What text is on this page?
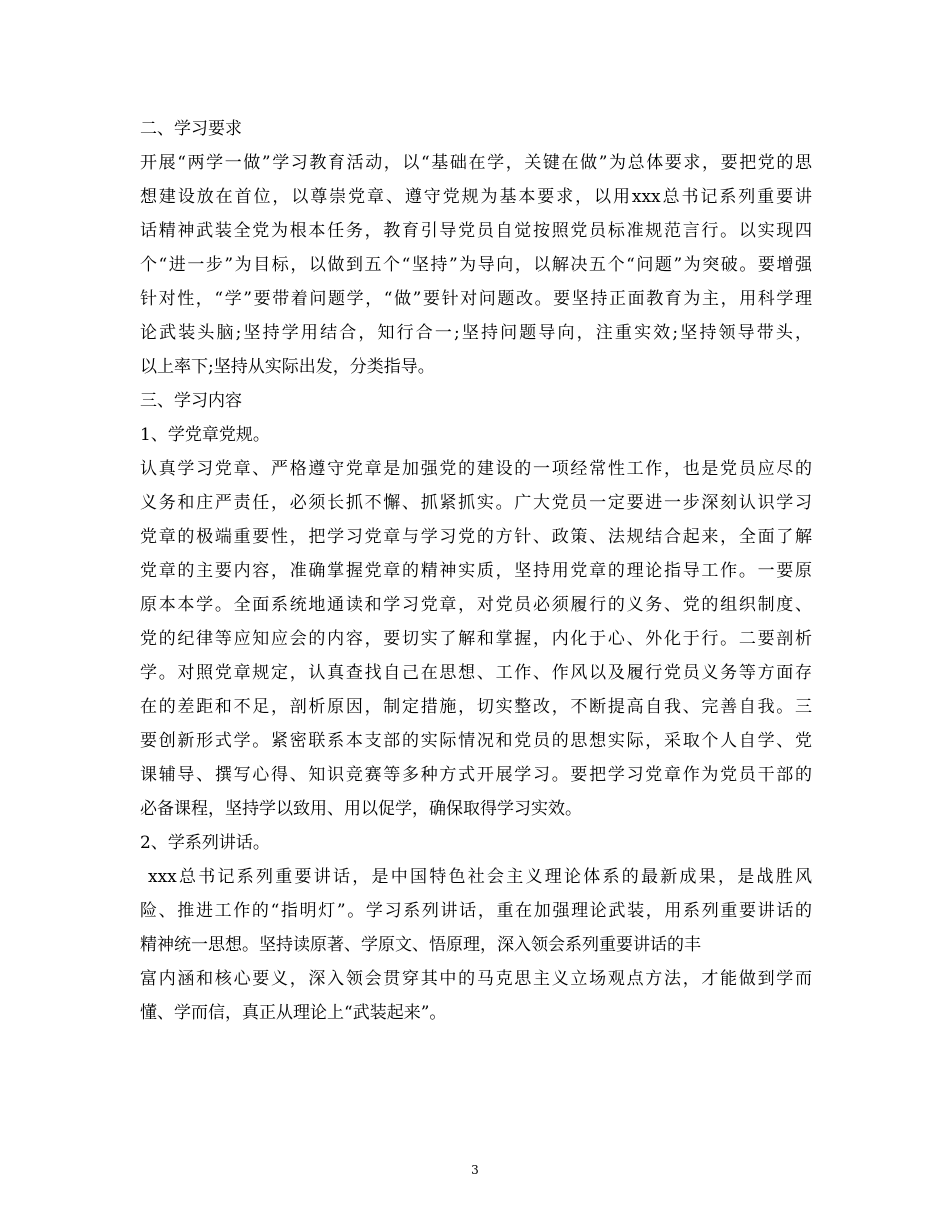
二、学习要求
开展“两学一做”学习教育活动，以“基础在学，关键在做”为总体要求，要把党的思
想建设放在首位，以尊崇党章、遵守党规为基本要求，以用xxx总书记系列重要讲
话精神武装全党为根本任务，教育引导党员自觉按照党员标准规范言行。以实现四
个“进一步”为目标，以做到五个“坚持”为导向，以解决五个“问题”为突破。要增强
针对性，“学”要带着问题学，“做”要针对问题改。要坚持正面教育为主，用科学理
论武装头脑;坚持学用结合，知行合一;坚持问题导向，注重实效;坚持领导带头，
以上率下;坚持从实际出发，分类指导。
三、学习内容
1、学党章党规。
认真学习党章、严格遵守党章是加强党的建设的一项经常性工作，也是党员应尽的
义务和庄严责任，必须长抓不懈、抓紧抓实。广大党员一定要进一步深刻认识学习
党章的极端重要性，把学习党章与学习党的方针、政策、法规结合起来，全面了解
党章的主要内容，准确掌握党章的精神实质，坚持用党章的理论指导工作。一要原
原本本学。全面系统地通读和学习党章，对党员必须履行的义务、党的组织制度、
党的纪律等应知应会的内容，要切实了解和掌握，内化于心、外化于行。二要剖析
学。对照党章规定，认真查找自己在思想、工作、作风以及履行党员义务等方面存
在的差距和不足，剖析原因，制定措施，切实整改，不断提高自我、完善自我。三
要创新形式学。紧密联系本支部的实际情况和党员的思想实际，采取个人自学、党
课辅导、撰写心得、知识竞赛等多种方式开展学习。要把学习党章作为党员干部的
必备课程，坚持学以致用、用以促学，确保取得学习实效。
2、学系列讲话。
xxx总书记系列重要讲话，是中国特色社会主义理论体系的最新成果，是战胜风
险、推进工作的“指明灯”。学习系列讲话，重在加强理论武装，用系列重要讲话的
精神统一思想。坚持读原著、学原文、悟原理，深入领会系列重要讲话的丰
富内涵和核心要义，深入领会贯穿其中的马克思主义立场观点方法，才能做到学而
懂、学而信，真正从理论上“武装起来”。
3
